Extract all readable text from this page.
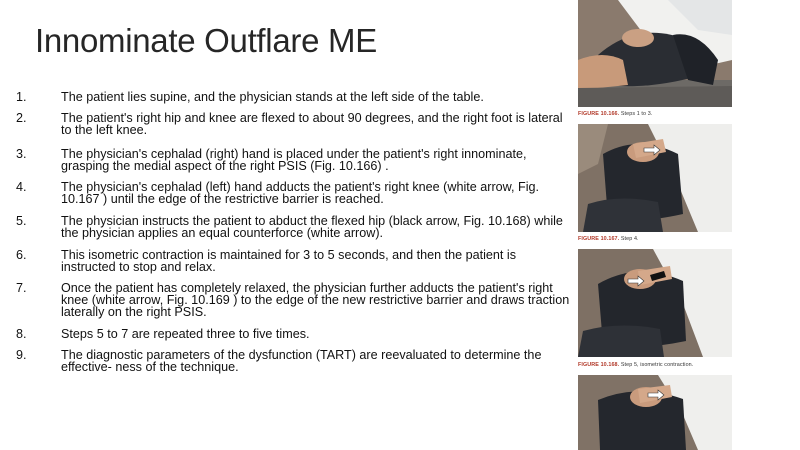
Innominate Outflare ME
1.	The patient lies supine, and the physician stands at the left side of the table.
2.	The patient's right hip and knee are flexed to about 90 degrees, and the right foot is lateral to the left knee.
3.	The physician's cephalad (right) hand is placed under the patient's right innominate, grasping the medial aspect of the right PSIS (Fig. 10.166) .
4.	The physician's cephalad (left) hand adducts the patient's right knee (white arrow, Fig. 10.167 ) until the edge of the restrictive barrier is reached.
5.	The physician instructs the patient to abduct the flexed hip (black arrow, Fig. 10.168) while the physician applies an equal counterforce (white arrow).
6.	This isometric contraction is maintained for 3 to 5 seconds, and then the patient is instructed to stop and relax.
7.	Once the patient has completely relaxed, the physician further adducts the patient's right knee (white arrow, Fig. 10.169 ) to the edge of the new restrictive barrier and draws traction laterally on the right PSIS.
8.	Steps 5 to 7 are repeated three to five times.
9.	The diagnostic parameters of the dysfunction (TART) are reevaluated to determine the effective- ness of the technique.
FIGURE 10.166. Steps 1 to 3.
FIGURE 10.167. Step 4.
FIGURE 10.168. Step 5, isometric contraction.
